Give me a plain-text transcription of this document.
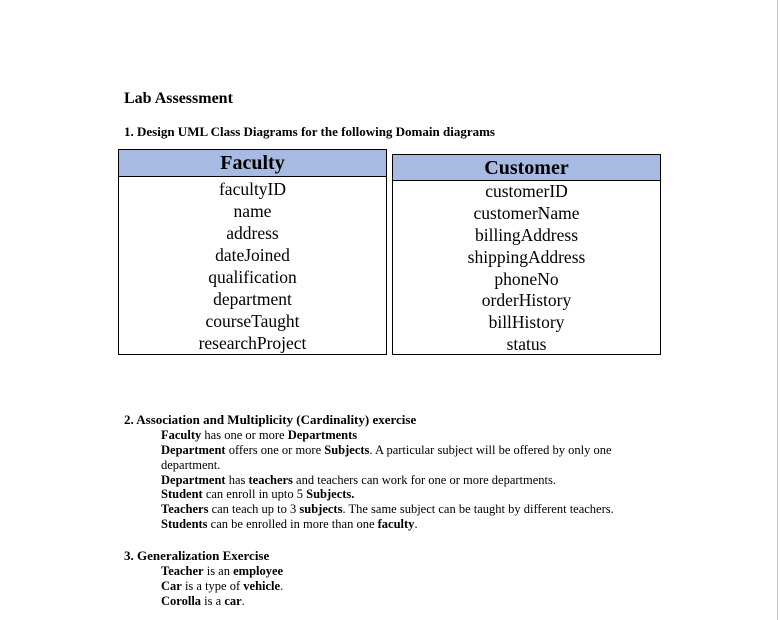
Lab Assessment
1. Design UML Class Diagrams for the following Domain diagrams
Faculty
facultyID
name
address
dateJoined
qualification
department
courseTaught
researchProject
Customer
customerID
customerName
billingAddress
shippingAddress
phoneNo
orderHistory
billHistory
status
2. Association and Multiplicity (Cardinality) exercise
Faculty has one or more Departments
Department offers one or more Subjects. A particular subject will be offered by only one
department.
Department has teachers and teachers can work for one or more departments.
Student can enroll in upto 5 Subjects.
Teachers can teach up to 3 subjects. The same subject can be taught by different teachers.
Students can be enrolled in more than one faculty.
3. Generalization Exercise
Teacher is an employee
Car is a type of vehicle.
Corolla is a car.
